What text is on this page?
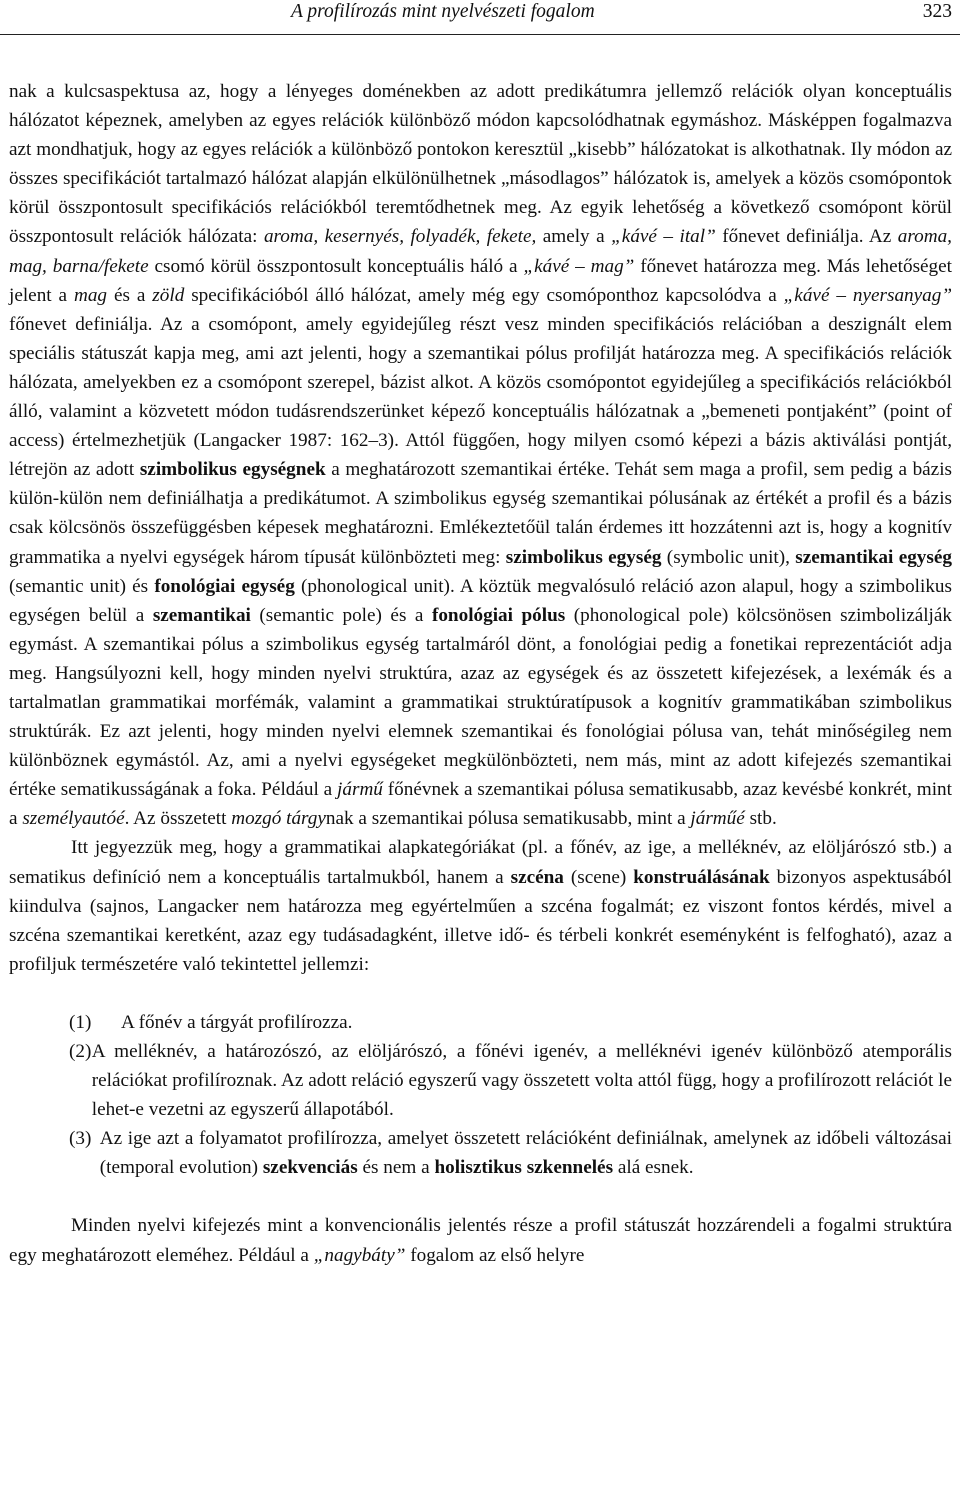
A profilírozás mint nyelvészeti fogalom	323

nak a kulcsaspektusa az, hogy a lényeges doménekben az adott predikátumra jellemző relációk olyan konceptuális hálózatot képeznek, amelyben az egyes relációk különböző módon kapcsolódhatnak egymáshoz. Másképpen fogalmazva azt mondhatjuk, hogy az egyes relációk a különböző pontokon keresztül „kisebb” hálózatokat is alkothatnak. Ily módon az összes specifikációt tartalmazó hálózat alapján elkülönülhetnek „másodlagos” hálózatok is, amelyek a közös csomópontok körül összpontosult specifikációs relációkból teremtődhetnek meg. Az egyik lehetőség a következő csomópont körül összpontosult relációk hálózata: aroma, kesernyés, folyadék, fekete, amely a „kávé – ital” főnevet definiálja. Az aroma, mag, barna/fekete csomó körül összpontosult konceptuális háló a „kávé – mag” főnevet határozza meg. Más lehetőséget jelent a mag és a zöld specifikációból álló hálózat, amely még egy csomóponthoz kapcsolódva a „kávé – nyersanyag” főnevet definiálja. Az a csomópont, amely egyidejűleg részt vesz minden specifikációs relációban a deszignált elem speciális státuszát kapja meg, ami azt jelenti, hogy a szemantikai pólus profilját határozza meg. A specifikációs relációk hálózata, amelyekben ez a csomópont szerepel, bázist alkot. A közös csomópontot egyidejűleg a specifikációs relációkból álló, valamint a közvetett módon tudásrendszerünket képező konceptuális hálózatnak a „bemeneti pontjaként” (point of access) értelmezhetjük (Langacker 1987: 162–3). Attól függően, hogy milyen csomó képezi a bázis aktiválási pontját, létrejön az adott szimbolikus egységnek a meghatározott szemantikai értéke. Tehát sem maga a profil, sem pedig a bázis külön-külön nem definiálhatja a predikátumot. A szimbolikus egység szemantikai pólusának az értékét a profil és a bázis csak kölcsönös összefüggésben képesek meghatározni. Emlékeztetőül talán érdemes itt hozzátenni azt is, hogy a kognitív grammatika a nyelvi egységek három típusát különbözteti meg: szimbolikus egység (symbolic unit), szemantikai egység (semantic unit) és fonológiai egység (phonological unit). A köztük megvalósuló reláció azon alapul, hogy a szimbolikus egységen belül a szemantikai (semantic pole) és a fonológiai pólus (phonological pole) kölcsönösen szimbolizálják egymást. A szemantikai pólus a szimbolikus egység tartalmáról dönt, a fonológiai pedig a fonetikai reprezentációt adja meg. Hangsúlyozni kell, hogy minden nyelvi struktúra, azaz az egységek és az összetett kifejezések, a lexémák és a tartalmatlan grammatikai morfémák, valamint a grammatikai struktúratípusok a kognitív grammatikában szimbolikus struktúrák. Ez azt jelenti, hogy minden nyelvi elemnek szemantikai és fonológiai pólusa van, tehát minőségileg nem különböznek egymástól. Az, ami a nyelvi egységeket megkülönbözteti, nem más, mint az adott kifejezés szemantikai értéke sematikusságának a foka. Például a jármű főnévnek a szemantikai pólusa sematikusabb, azaz kevésbé konkrét, mint a személyautóé. Az összetett mozgó tárgynak a szemantikai pólusa sematikusabb, mint a járműé stb.

Itt jegyezzük meg, hogy a grammatikai alapkategóriákat (pl. a főnév, az ige, a melléknév, az elöljárószó stb.) a sematikus definíció nem a konceptuális tartalmukból, hanem a szcéna (scene) konstruálásának bizonyos aspektusából kiindulva (sajnos, Langacker nem határozza meg egyértelműen a szcéna fogalmát; ez viszont fontos kérdés, mivel a szcéna szemantikai keretként, azaz egy tudásadagként, illetve idő- és térbeli konkrét eseményként is felfogható), azaz a profiljuk természetére való tekintettel jellemzi:

(1)	A főnév a tárgyát profilírozza.
(2) A melléknév, a határozószó, az elöljárószó, a főnévi igenév, a melléknévi igenév különböző atemporális relációkat profilíroznak. Az adott reláció egyszerű vagy összetett volta attól függ, hogy a profilírozott relációt le lehet-e vezetni az egyszerű állapotából.
(3) Az ige azt a folyamatot profilírozza, amelyet összetett relációként definiálnak, amelynek az időbeli változásai (temporal evolution) szekvenciás és nem a holisztikus szkennelés alá esnek.

Minden nyelvi kifejezés mint a konvencionális jelentés része a profil státuszát hozzárendeli a fogalmi struktúra egy meghatározott eleméhez. Például a „nagybáty” fogalom az első helyre
